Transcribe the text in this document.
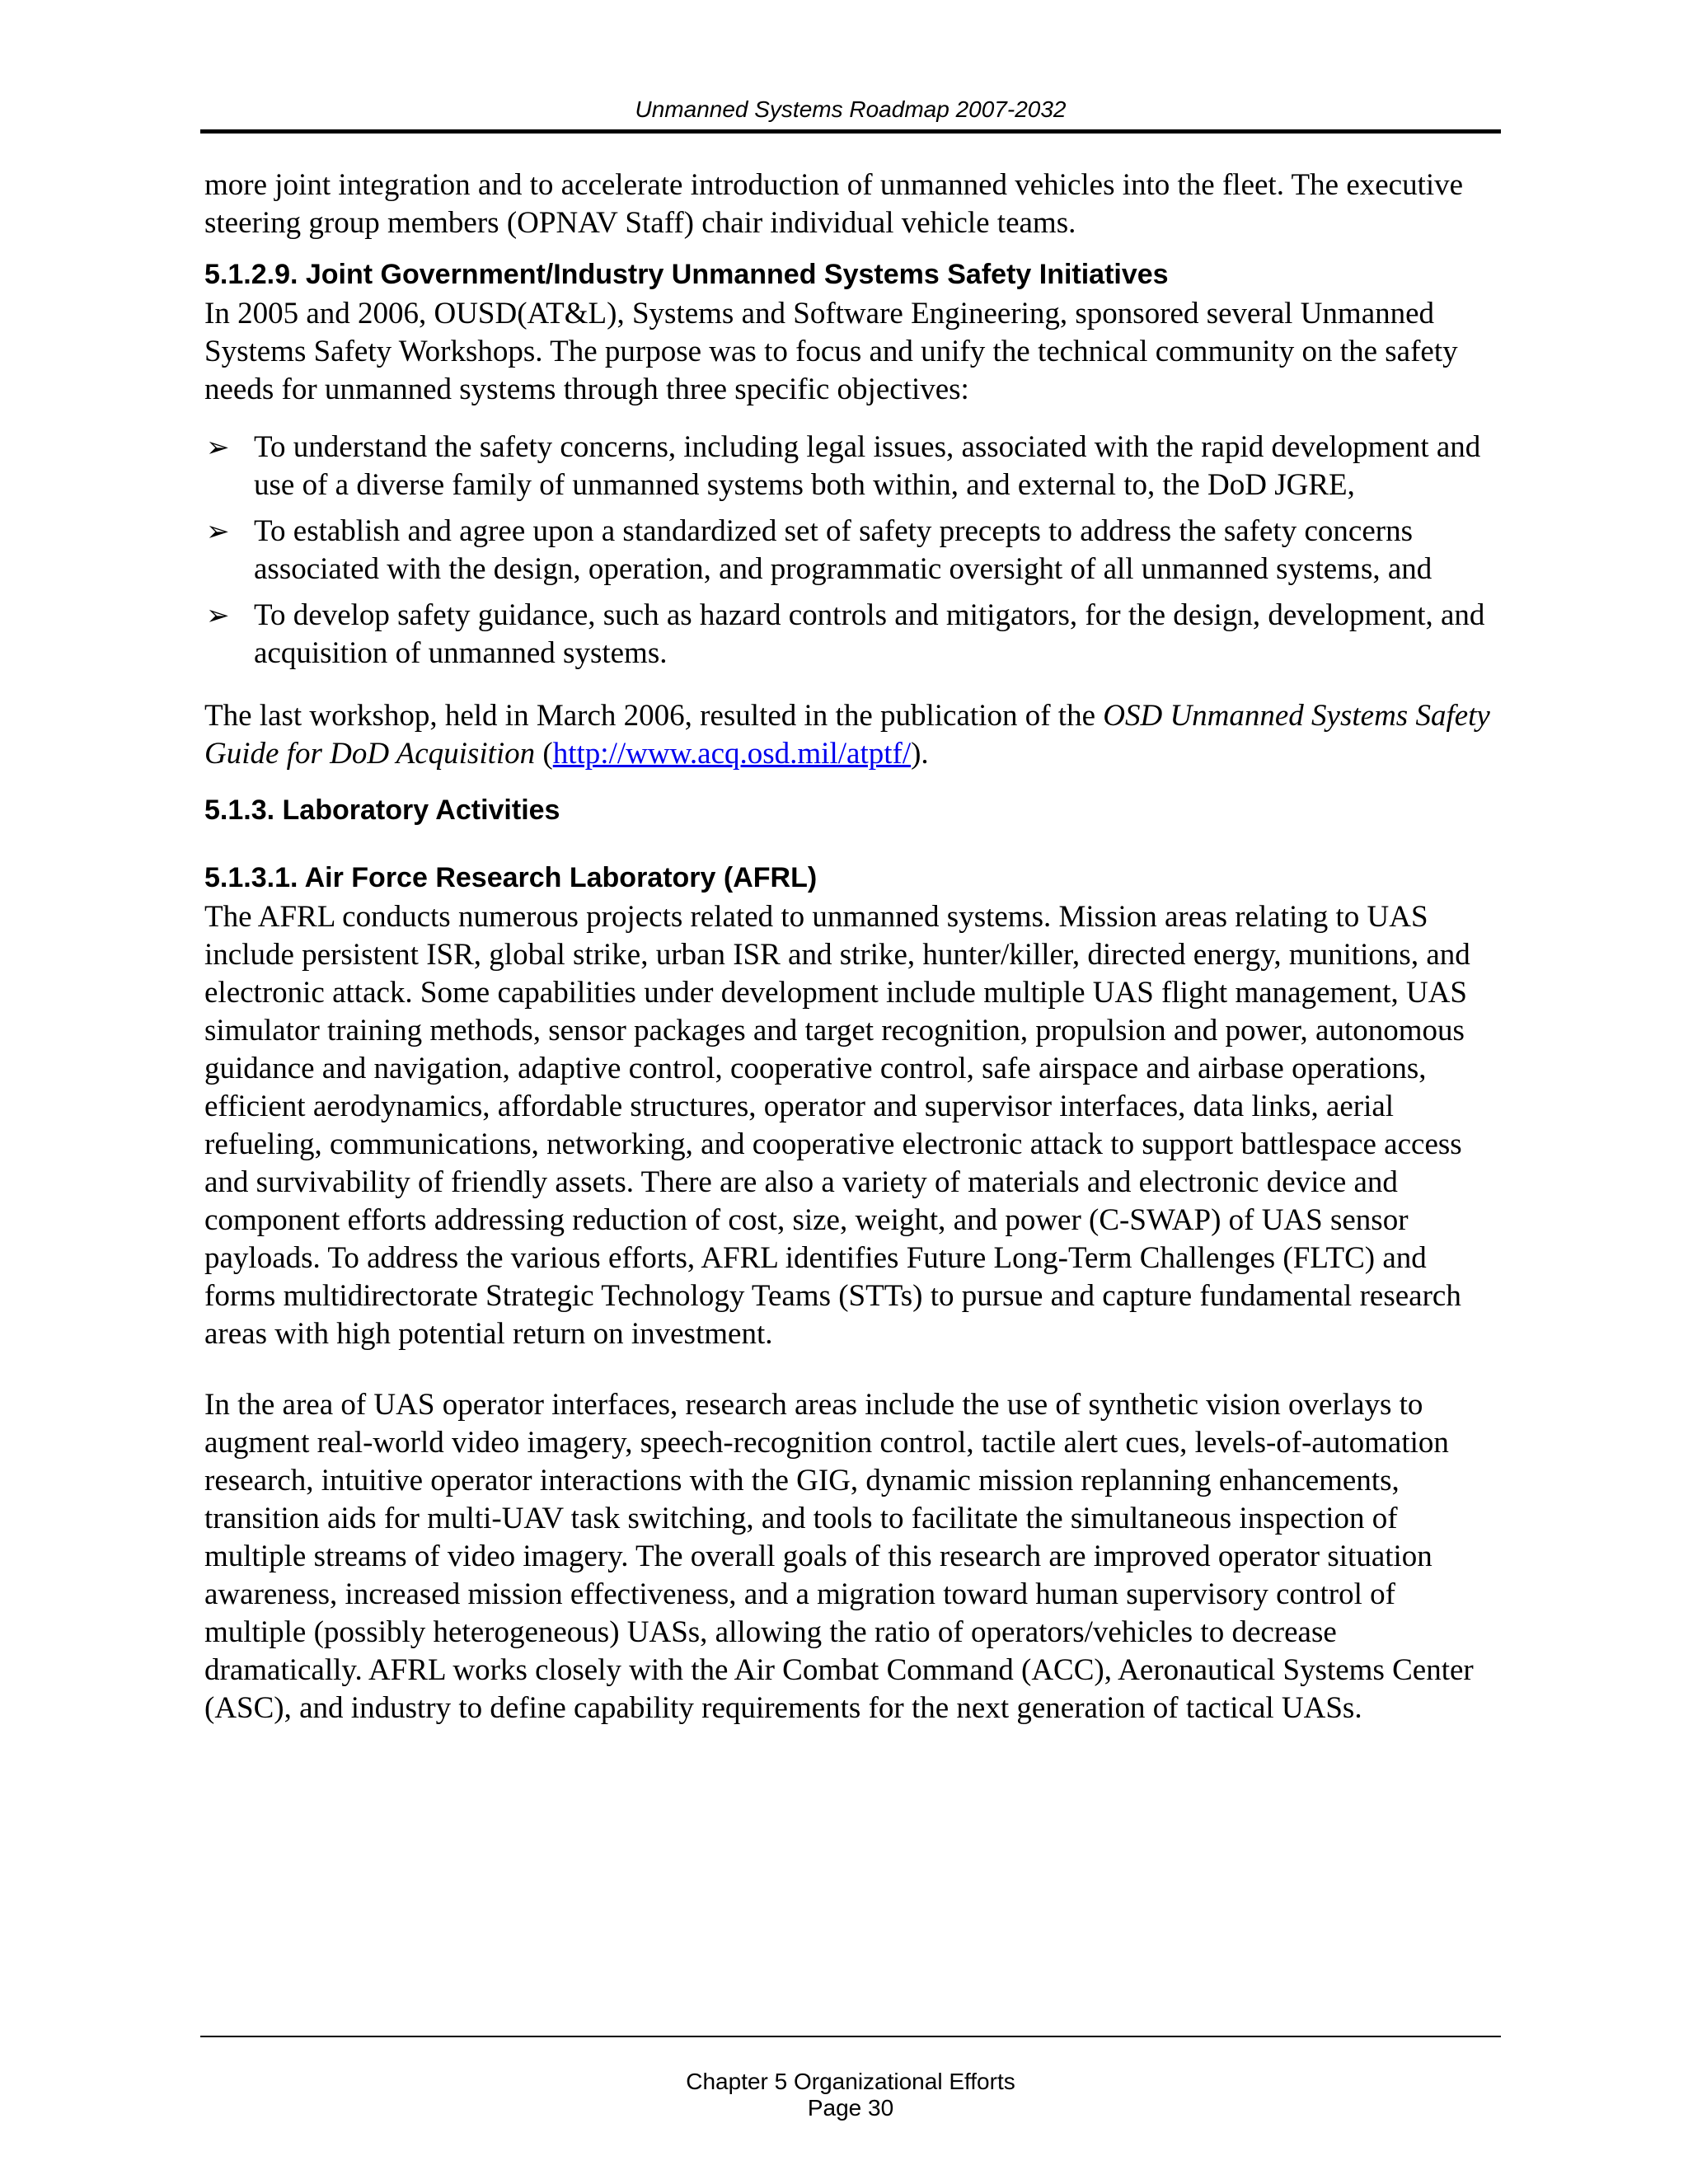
Unmanned Systems Roadmap 2007-2032

more joint integration and to accelerate introduction of unmanned vehicles into the fleet. The executive steering group members (OPNAV Staff) chair individual vehicle teams.

5.1.2.9. Joint Government/Industry Unmanned Systems Safety Initiatives

In 2005 and 2006, OUSD(AT&L), Systems and Software Engineering, sponsored several Unmanned Systems Safety Workshops. The purpose was to focus and unify the technical community on the safety needs for unmanned systems through three specific objectives:

➢ To understand the safety concerns, including legal issues, associated with the rapid development and use of a diverse family of unmanned systems both within, and external to, the DoD JGRE,
➢ To establish and agree upon a standardized set of safety precepts to address the safety concerns associated with the design, operation, and programmatic oversight of all unmanned systems, and
➢ To develop safety guidance, such as hazard controls and mitigators, for the design, development, and acquisition of unmanned systems.

The last workshop, held in March 2006, resulted in the publication of the OSD Unmanned Systems Safety Guide for DoD Acquisition (http://www.acq.osd.mil/atptf/).

5.1.3. Laboratory Activities
5.1.3.1. Air Force Research Laboratory (AFRL)

The AFRL conducts numerous projects related to unmanned systems. Mission areas relating to UAS include persistent ISR, global strike, urban ISR and strike, hunter/killer, directed energy, munitions, and electronic attack. Some capabilities under development include multiple UAS flight management, UAS simulator training methods, sensor packages and target recognition, propulsion and power, autonomous guidance and navigation, adaptive control, cooperative control, safe airspace and airbase operations, efficient aerodynamics, affordable structures, operator and supervisor interfaces, data links, aerial refueling, communications, networking, and cooperative electronic attack to support battlespace access and survivability of friendly assets. There are also a variety of materials and electronic device and component efforts addressing reduction of cost, size, weight, and power (C-SWAP) of UAS sensor payloads. To address the various efforts, AFRL identifies Future Long-Term Challenges (FLTC) and forms multidirectorate Strategic Technology Teams (STTs) to pursue and capture fundamental research areas with high potential return on investment.

In the area of UAS operator interfaces, research areas include the use of synthetic vision overlays to augment real-world video imagery, speech-recognition control, tactile alert cues, levels-of-automation research, intuitive operator interactions with the GIG, dynamic mission replanning enhancements, transition aids for multi-UAV task switching, and tools to facilitate the simultaneous inspection of multiple streams of video imagery. The overall goals of this research are improved operator situation awareness, increased mission effectiveness, and a migration toward human supervisory control of multiple (possibly heterogeneous) UASs, allowing the ratio of operators/vehicles to decrease dramatically. AFRL works closely with the Air Combat Command (ACC), Aeronautical Systems Center (ASC), and industry to define capability requirements for the next generation of tactical UASs.

Chapter 5 Organizational Efforts
Page 30
